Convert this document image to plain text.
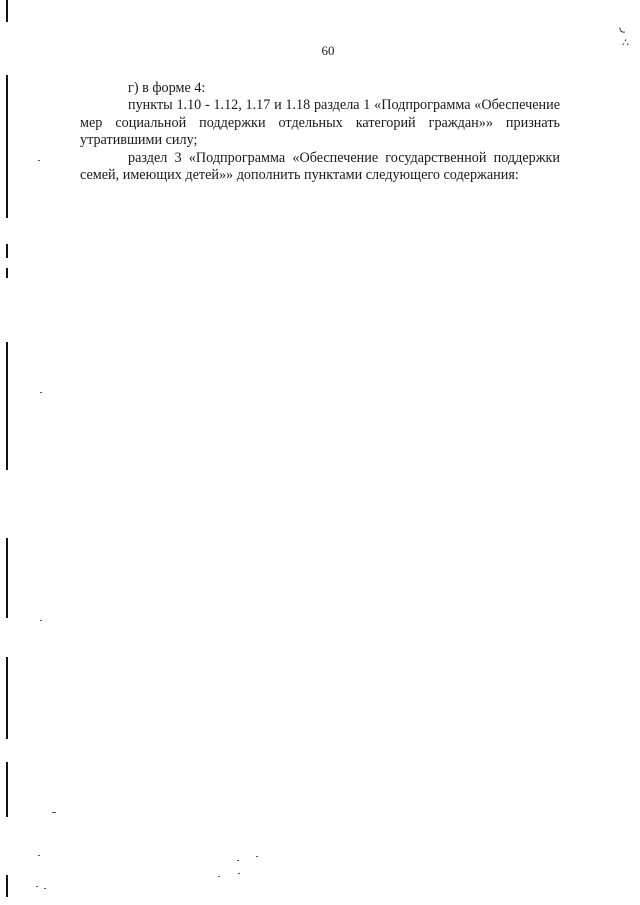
60
ر ∴

г) в форме 4:

пункты 1.10 - 1.12, 1.17 и 1.18 раздела 1 «Подпрограмма «Обеспечение мер социальной поддержки отдельных категорий граждан»» признать утратившими силу;

раздел 3 «Подпрограмма «Обеспечение государственной поддержки семей, имеющих детей»» дополнить пунктами следующего содержания:
